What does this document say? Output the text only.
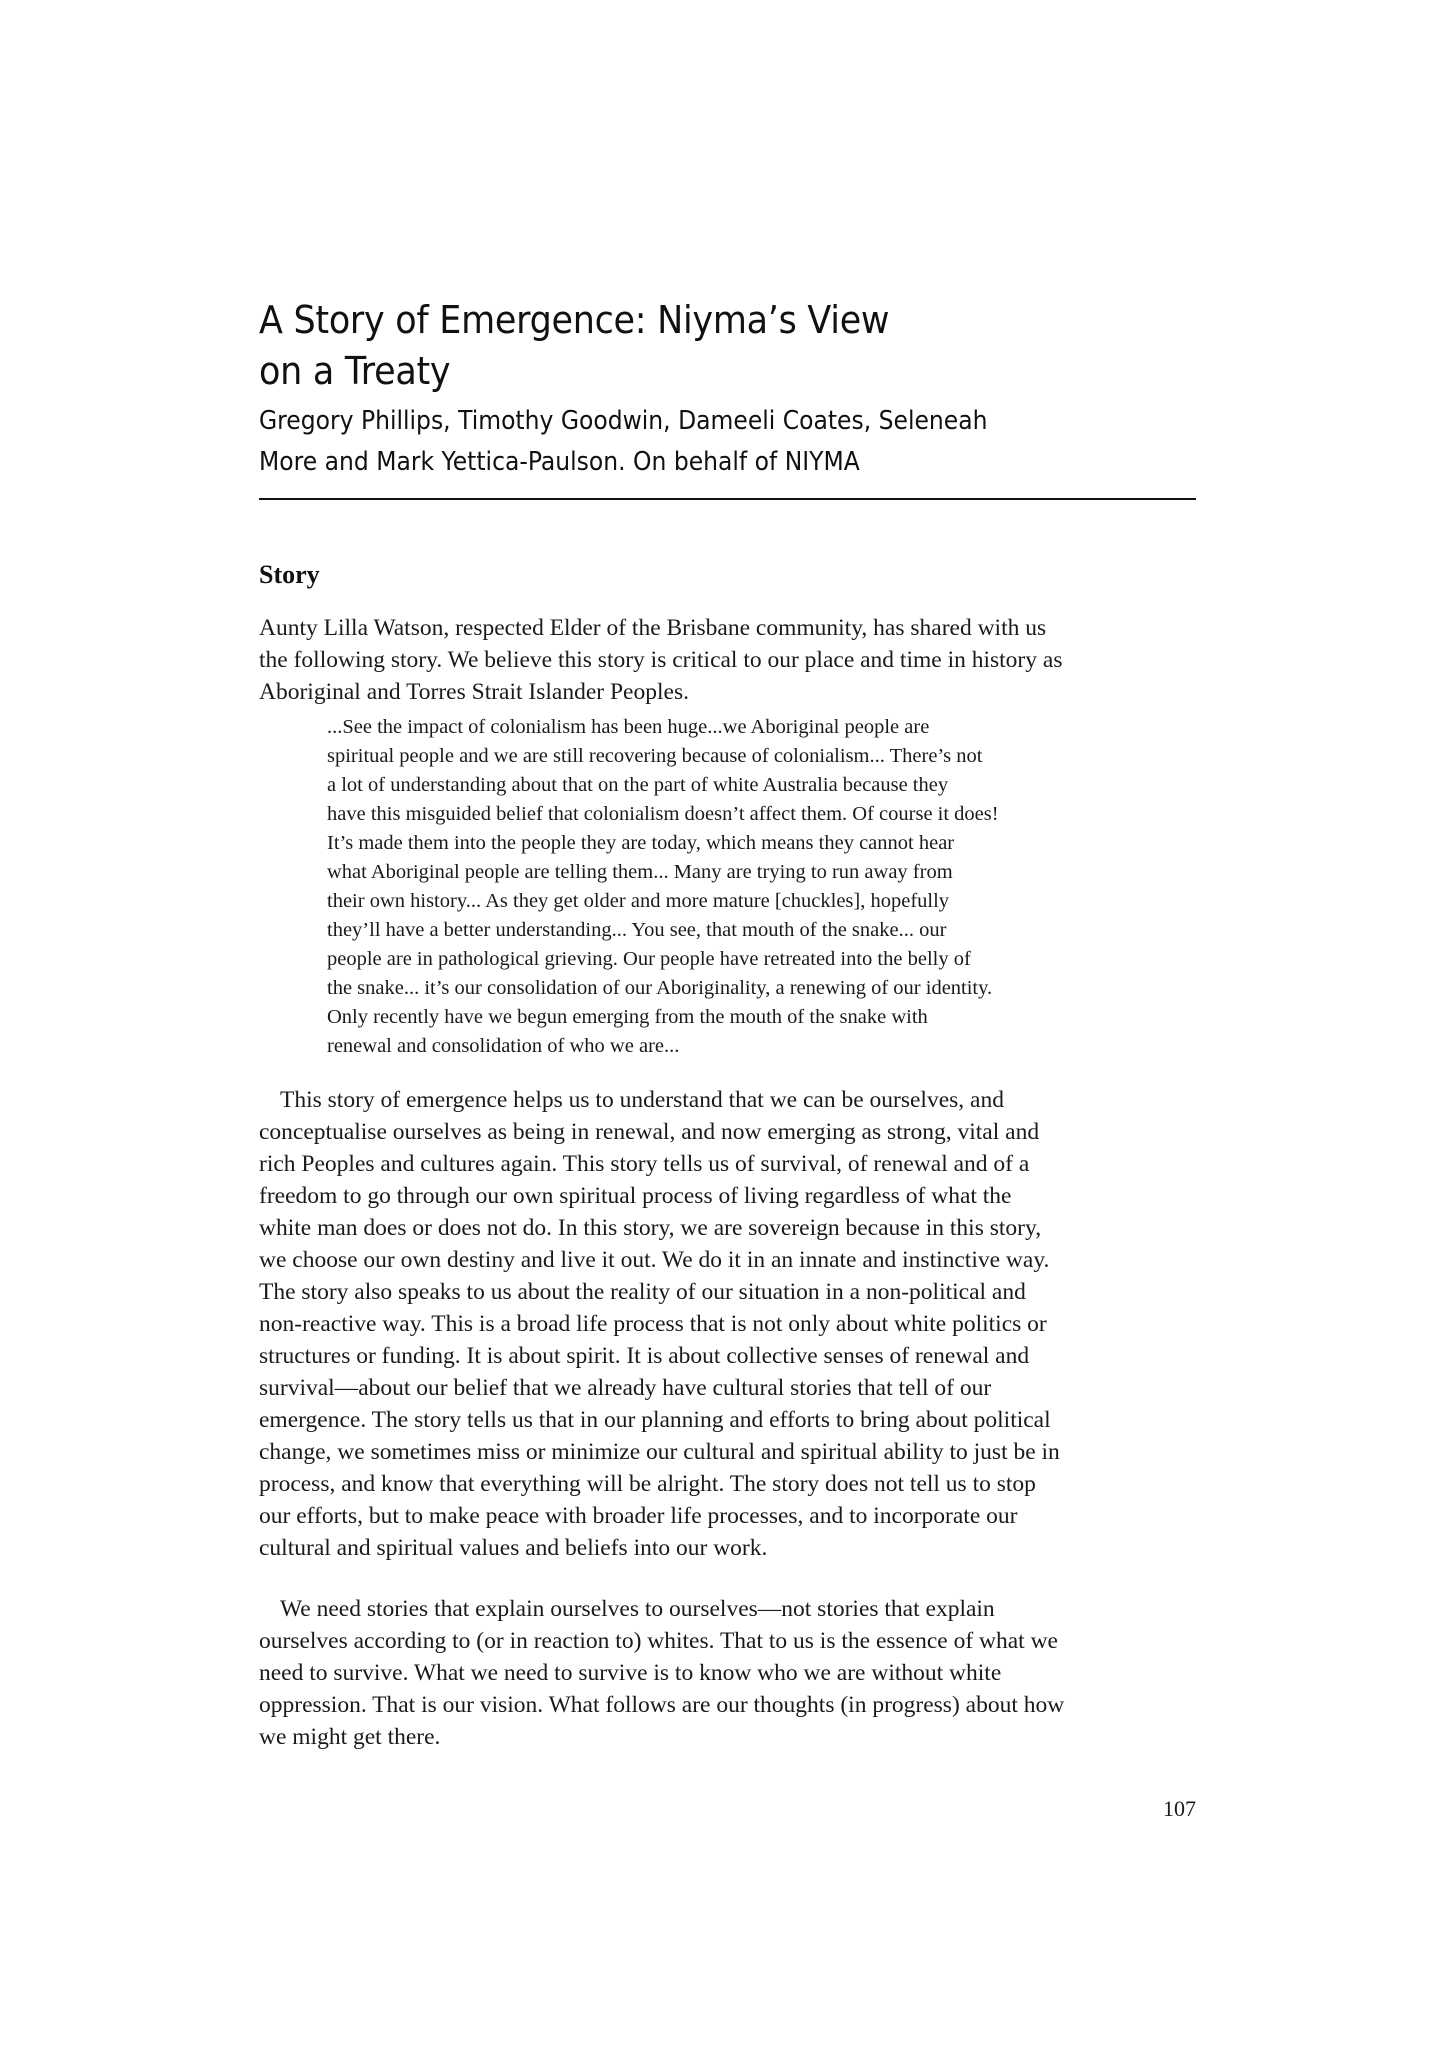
A Story of Emergence: Niyma’s View
on a Treaty

Gregory Phillips, Timothy Goodwin, Dameeli Coates, Seleneah
More and Mark Yettica-Paulson. On behalf of NIYMA

Story

Aunty Lilla Watson, respected Elder of the Brisbane community, has shared with us
the following story. We believe this story is critical to our place and time in history as
Aboriginal and Torres Strait Islander Peoples.

...See the impact of colonialism has been huge...we Aboriginal people are
spiritual people and we are still recovering because of colonialism... There’s not
a lot of understanding about that on the part of white Australia because they
have this misguided belief that colonialism doesn’t affect them. Of course it does!
It’s made them into the people they are today, which means they cannot hear
what Aboriginal people are telling them... Many are trying to run away from
their own history... As they get older and more mature [chuckles], hopefully
they’ll have a better understanding... You see, that mouth of the snake... our
people are in pathological grieving. Our people have retreated into the belly of
the snake... it’s our consolidation of our Aboriginality, a renewing of our identity.
Only recently have we begun emerging from the mouth of the snake with
renewal and consolidation of who we are...

This story of emergence helps us to understand that we can be ourselves, and
conceptualise ourselves as being in renewal, and now emerging as strong, vital and
rich Peoples and cultures again. This story tells us of survival, of renewal and of a
freedom to go through our own spiritual process of living regardless of what the
white man does or does not do. In this story, we are sovereign because in this story,
we choose our own destiny and live it out. We do it in an innate and instinctive way.
The story also speaks to us about the reality of our situation in a non-political and
non-reactive way. This is a broad life process that is not only about white politics or
structures or funding. It is about spirit. It is about collective senses of renewal and
survival—about our belief that we already have cultural stories that tell of our
emergence. The story tells us that in our planning and efforts to bring about political
change, we sometimes miss or minimize our cultural and spiritual ability to just be in
process, and know that everything will be alright. The story does not tell us to stop
our efforts, but to make peace with broader life processes, and to incorporate our
cultural and spiritual values and beliefs into our work.

We need stories that explain ourselves to ourselves—not stories that explain
ourselves according to (or in reaction to) whites. That to us is the essence of what we
need to survive. What we need to survive is to know who we are without white
oppression. That is our vision. What follows are our thoughts (in progress) about how
we might get there.

107
